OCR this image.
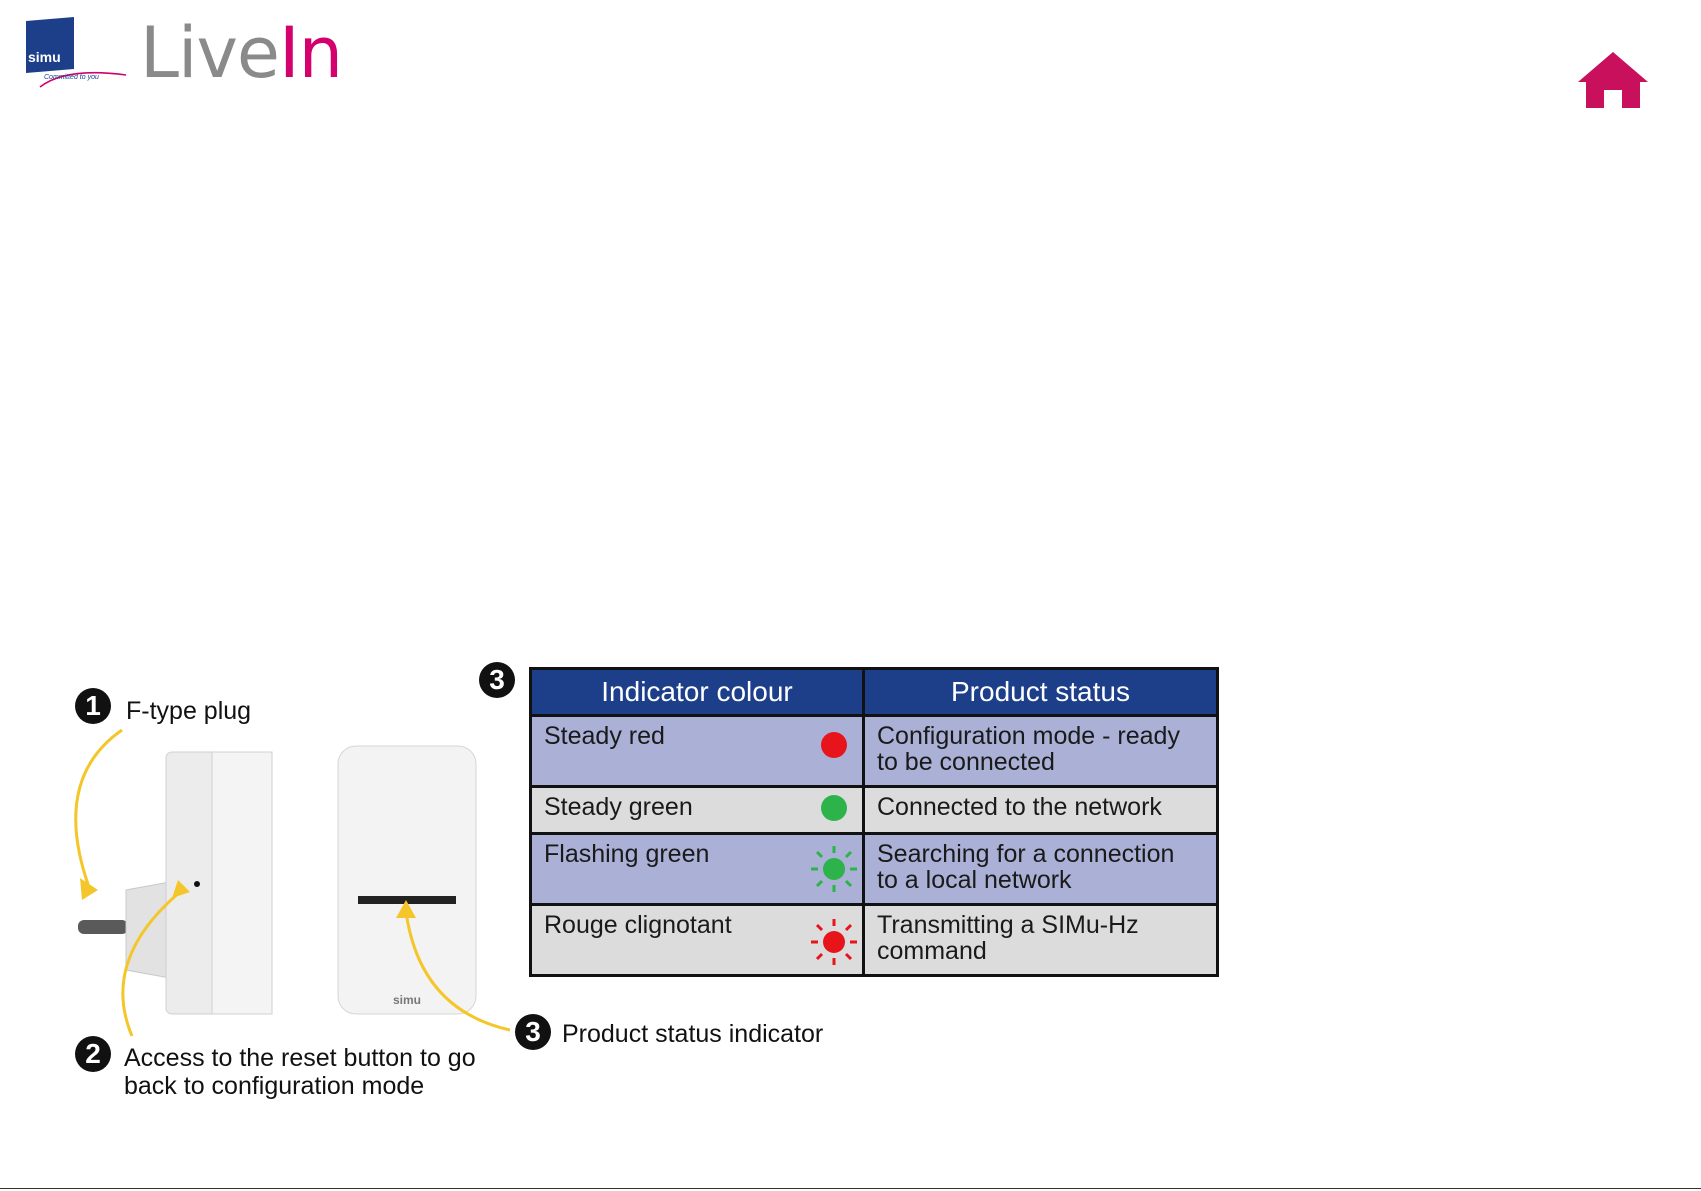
simu
Committed to you LiveIn
simu
1	F-type plug
2 Access to the reset button to go
back to configuration mode
3 Product status indicator
3	Indicator colour	Product status
Steady red	Configuration mode - ready
to be connected
Steady green	Connected to the network
Flashing green	Searching for a connection
to a local network
Rouge clignotant	Transmitting a SIMu-Hz
command
